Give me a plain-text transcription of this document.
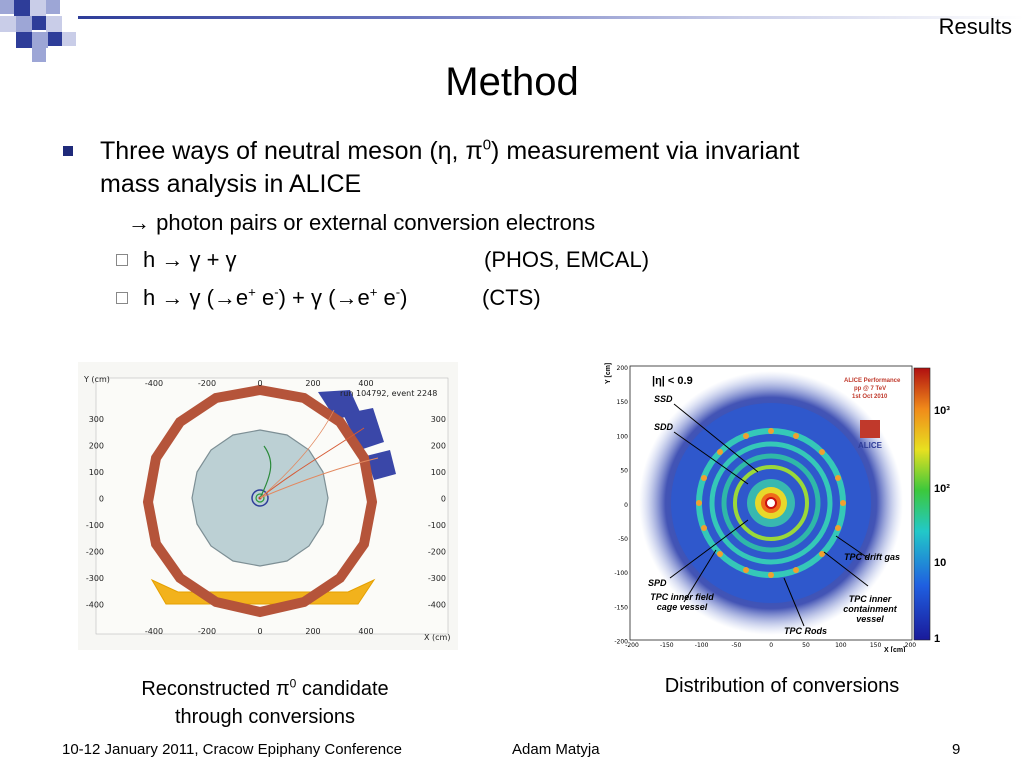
Results
Method
Three ways of neutral meson (η, $\pi^0$) measurement via invariant
mass analysis in ALICE
→ photon pairs or external conversion electrons
h → γ + γ	(PHOS, EMCAL)
h → γ (→e+ e-) + γ (→e+ e-)	(CTS)
run 104792, event 2248
Y (cm)
X (cm)
-400	-200	0	200	400
-400	-200	0	200	400
300
200
100
0
-100
-200
-300
-400
300
200
100
0
-100
-200
-300
-400
SSD
SDD
SPD
TPC inner field cage vessel
TPC Rods
TPC inner containment vessel
TPC drift gas
|η| < 0.9	ALICE Performance
pp @ 7 TeV
1st Oct 2010
ALICE
10³
10²
10
1
Y [cm]
X [cm]
-200	-150	-100	-50	0	50	100	150	200
200
150
100
50
0
-50
-100
-150
-200
Reconstructed $\pi^0$ candidate
through conversions
Distribution of conversions
10-12 January 2011, Cracow Epiphany Conference	Adam Matyja	9
